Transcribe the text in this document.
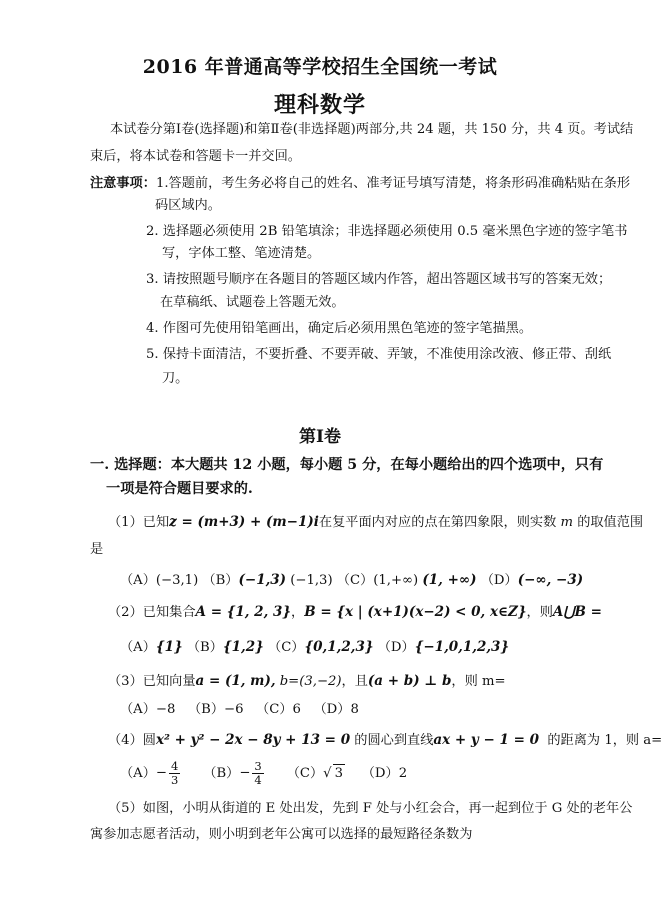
2016 年普通高等学校招生全国统一考试
理科数学
本试卷分第Ⅰ卷(选择题)和第Ⅱ卷(非选择题)两部分,共 24 题，共 150 分，共 4 页。考试结
束后，将本试卷和答题卡一并交回。
注意事项：1.答题前，考生务必将自己的姓名、准考证号填写清楚，将条形码准确粘贴在条形
码区域内。
2. 选择题必须使用 2B 铅笔填涂；非选择题必须使用 0.5 毫米黑色字迹的签字笔书
写，字体工整、笔迹清楚。
3. 请按照题号顺序在各题目的答题区域内作答，超出答题区域书写的答案无效；
在草稿纸、试题卷上答题无效。
4. 作图可先使用铅笔画出，确定后必须用黑色笔迹的签字笔描黑。
5. 保持卡面清洁，不要折叠、不要弄破、弄皱，不准使用涂改液、修正带、刮纸
刀。
第Ⅰ卷
一. 选择题：本大题共 12 小题，每小题 5 分，在每小题给出的四个选项中，只有
一项是符合题目要求的.
（1）已知z = (m+3) + (m−1)i在复平面内对应的点在第四象限，则实数 m 的取值范围
是
（A）(−3,1) （B）(−1,3) (−1,3) （C）(1,+∞) (1, +∞) （D）(−∞, −3)
（2）已知集合A = {1, 2, 3}，B = {x | (x+1)(x−2) < 0, x∈Z}，则A⋃B =
（A）{1} （B）{1,2} （C）{0,1,2,3} （D）{−1,0,1,2,3}
（3）已知向量a = (1, m), b=(3,−2)，且(a + b) ⊥ b，则 m=
（A）−8 （B）−6 （C）6 （D）8
（4）圆x² + y² − 2x − 8y + 13 = 0 的圆心到直线ax + y − 1 = 0 的距离为 1，则 a=
$(A)- \frac{4}{3} (B)- \frac{3}{4} (C)√$ 3 （D）2
（5）如图，小明从街道的 E 处出发，先到 F 处与小红会合，再一起到位于 G 处的老年公
寓参加志愿者活动，则小明到老年公寓可以选择的最短路径条数为
